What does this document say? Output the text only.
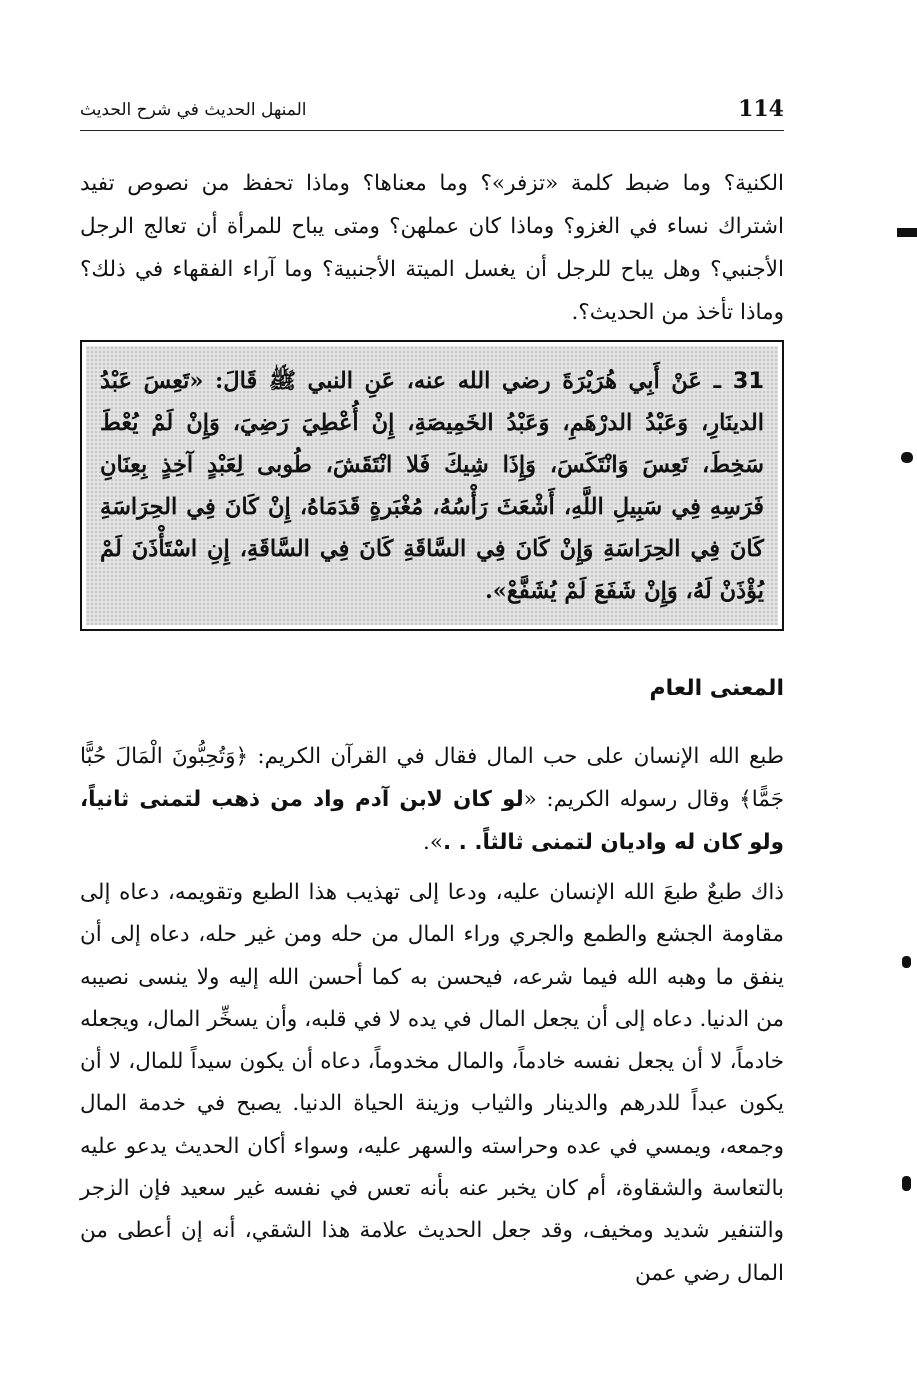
114
المنهل الحديث في شرح الحديث
الكنية؟ وما ضبط كلمة «تزفر»؟ وما معناها؟ وماذا تحفظ من نصوص تفيد اشتراك نساء في الغزو؟ وماذا كان عملهن؟ ومتى يباح للمرأة أن تعالج الرجل الأجنبي؟ وهل يباح للرجل أن يغسل الميتة الأجنبية؟ وما آراء الفقهاء في ذلك؟ وماذا تأخذ من الحديث؟.
31 ـ عَنْ أَبِي هُرَيْرَةَ رضي الله عنه، عَنِ النبي ﷺ قَالَ: «تَعِسَ عَبْدُ الدينَارِ، وَعَبْدُ الدرْهَمِ، وَعَبْدُ الخَمِيصَةِ، إِنْ أُعْطِيَ رَضِيَ، وَإِنْ لَمْ يُعْطَ سَخِطَ، تَعِسَ وَانْتَكَسَ، وَإِذَا شِيكَ فَلا انْتَقَشَ، طُوبى لِعَبْدٍ آخِذٍ بِعِنَانِ فَرَسِهِ فِي سَبِيلِ اللَّهِ، أَشْعَثَ رَأْسُهُ، مُغْبَرةٍ قَدَمَاهُ، إِنْ كَانَ فِي الحِرَاسَةِ كَانَ فِي الحِرَاسَةِ وَإِنْ كَانَ فِي السَّاقَةِ كَانَ فِي السَّاقَةِ، إِنِ اسْتَأْذَنَ لَمْ يُؤْذَنْ لَهُ، وَإِنْ شَفَعَ لَمْ يُشَفَّعْ».
المعنى العام
طبع الله الإنسان على حب المال فقال في القرآن الكريم: ﴿وَتُحِبُّونَ الْمَالَ حُبًّا جَمًّا﴾ وقال رسوله الكريم: «لو كان لابن آدم واد من ذهب لتمنى ثانياً، ولو كان له واديان لتمنى ثالثاً. . .».
ذاك طبعٌ طبعَ الله الإنسان عليه، ودعا إلى تهذيب هذا الطبع وتقويمه، دعاه إلى مقاومة الجشع والطمع والجري وراء المال من حله ومن غير حله، دعاه إلى أن ينفق ما وهبه الله فيما شرعه، فيحسن به كما أحسن الله إليه ولا ينسى نصيبه من الدنيا. دعاه إلى أن يجعل المال في يده لا في قلبه، وأن يسخِّر المال، ويجعله خادماً، لا أن يجعل نفسه خادماً، والمال مخدوماً، دعاه أن يكون سيداً للمال، لا أن يكون عبداً للدرهم والدينار والثياب وزينة الحياة الدنيا. يصبح في خدمة المال وجمعه، ويمسي في عده وحراسته والسهر عليه، وسواء أكان الحديث يدعو عليه بالتعاسة والشقاوة، أم كان يخبر عنه بأنه تعس في نفسه غير سعيد فإن الزجر والتنفير شديد ومخيف، وقد جعل الحديث علامة هذا الشقي، أنه إن أعطى من المال رضي عمن
